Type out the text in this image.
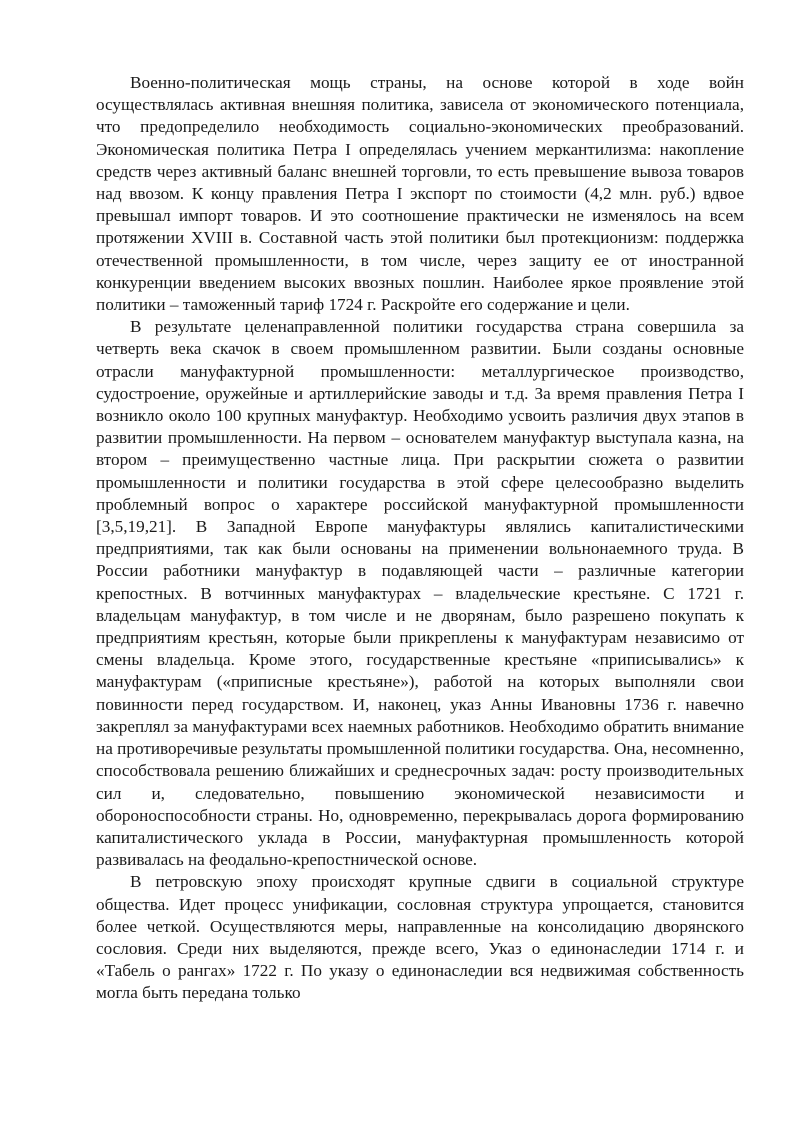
Военно-политическая мощь страны, на основе которой в ходе войн осуществлялась активная внешняя политика, зависела от экономического потенциала, что предопределило необходимость социально-экономических преобразований. Экономическая политика Петра I определялась учением меркантилизма: накопление средств через активный баланс внешней торговли, то есть превышение вывоза товаров над ввозом. К концу правления Петра I экспорт по стоимости (4,2 млн. руб.) вдвое превышал импорт товаров. И это соотношение практически не изменялось на всем протяжении XVIII в. Составной часть этой политики был протекционизм: поддержка отечественной промышленности, в том числе, через защиту ее от иностранной конкуренции введением высоких ввозных пошлин. Наиболее яркое проявление этой политики – таможенный тариф 1724 г. Раскройте его содержание и цели.

В результате целенаправленной политики государства страна совершила за четверть века скачок в своем промышленном развитии. Были созданы основные отрасли мануфактурной промышленности: металлургическое производство, судостроение, оружейные и артиллерийские заводы и т.д. За время правления Петра I возникло около 100 крупных мануфактур. Необходимо усвоить различия двух этапов в развитии промышленности. На первом – основателем мануфактур выступала казна, на втором – преимущественно частные лица. При раскрытии сюжета о развитии промышленности и политики государства в этой сфере целесообразно выделить проблемный вопрос о характере российской мануфактурной промышленности [3,5,19,21]. В Западной Европе мануфактуры являлись капиталистическими предприятиями, так как были основаны на применении вольнонаемного труда. В России работники мануфактур в подавляющей части – различные категории крепостных. В вотчинных мануфактурах – владельческие крестьяне. С 1721 г. владельцам мануфактур, в том числе и не дворянам, было разрешено покупать к предприятиям крестьян, которые были прикреплены к мануфактурам независимо от смены владельца. Кроме этого, государственные крестьяне «приписывались» к мануфактурам («приписные крестьяне»), работой на которых выполняли свои повинности перед государством. И, наконец, указ Анны Ивановны 1736 г. навечно закреплял за мануфактурами всех наемных работников. Необходимо обратить внимание на противоречивые результаты промышленной политики государства. Она, несомненно, способствовала решению ближайших и среднесрочных задач: росту производительных сил и, следовательно, повышению экономической независимости и обороноспособности страны. Но, одновременно, перекрывалась дорога формированию капиталистического уклада в России, мануфактурная промышленность которой развивалась на феодально-крепостнической основе.

В петровскую эпоху происходят крупные сдвиги в социальной структуре общества. Идет процесс унификации, сословная структура упрощается, становится более четкой. Осуществляются меры, направленные на консолидацию дворянского сословия. Среди них выделяются, прежде всего, Указ о единонаследии 1714 г. и «Табель о рангах» 1722 г. По указу о единонаследии вся недвижимая собственность могла быть передана только
